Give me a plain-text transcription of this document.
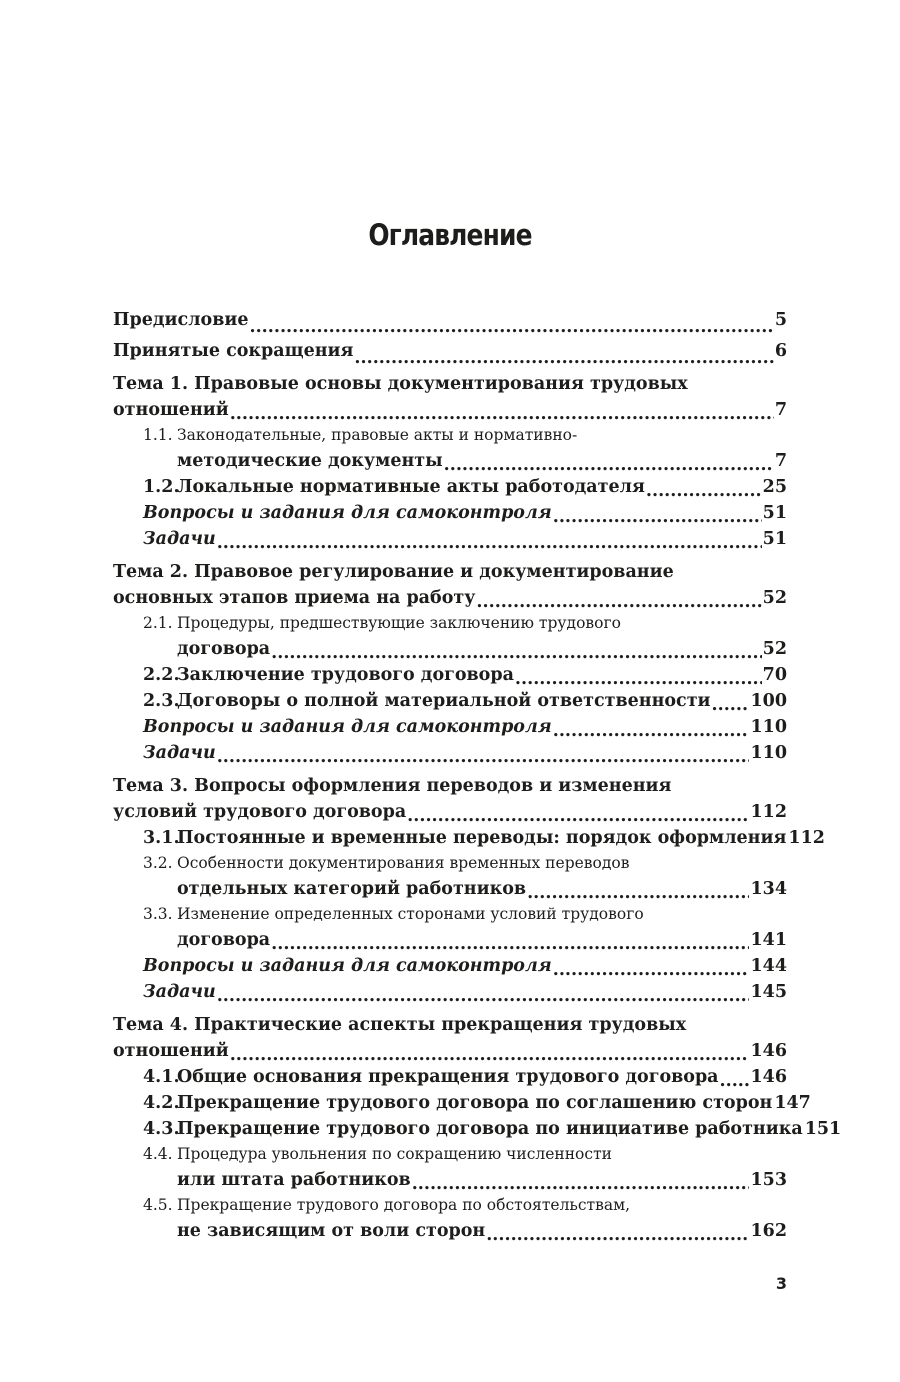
Оглавление
Предисловие .....	5
Принятые сокращения .....	6
Тема 1. Правовые основы документирования трудовых
отношений .....	7
1.1. Законодательные, правовые акты и нормативно-
методические документы .....	7
1.2.Локальные нормативные акты работодателя .....	25
Вопросы и задания для самоконтроля .....	51
Задачи .....	51
Тема 2. Правовое регулирование и документирование
основных этапов приема на работу .....	52
2.1. Процедуры, предшествующие заключению трудового
договора .....	52
2.2.Заключение трудового договора .....	70
2.3.Договоры о полной материальной ответственности ..... 100
Вопросы и задания для самоконтроля .....	110
Задачи .....	110
Тема 3. Вопросы оформления переводов и изменения
условий трудового договора .....	112
3.1.Постоянные и временные переводы: порядок оформления 112
3.2. Особенности документирования временных переводов
отдельных категорий работников .....	134
3.3. Изменение определенных сторонами условий трудового
договора .....	141
Вопросы и задания для самоконтроля .....	144
Задачи .....	145
Тема 4. Практические аспекты прекращения трудовых
отношений .....	146
4.1.Общие основания прекращения трудового договора ..... 146
4.2.Прекращение трудового договора по соглашению сторон 147
4.3.Прекращение трудового договора по инициативе работника 151
4.4. Процедура увольнения по сокращению численности
или штата работников .....	153
4.5. Прекращение трудового договора по обстоятельствам,
не зависящим от воли сторон .....	162
3
